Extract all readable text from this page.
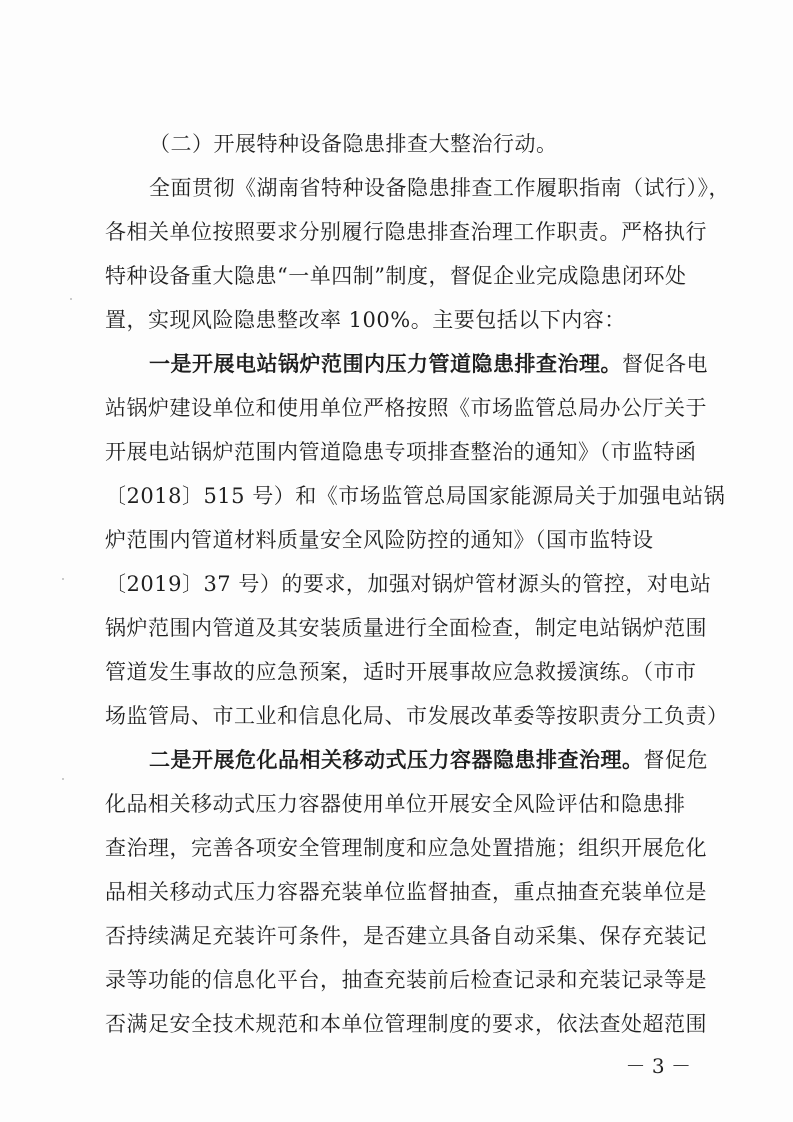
（二）开展特种设备隐患排查大整治行动。
全面贯彻《湖南省特种设备隐患排查工作履职指南（试行）》，
各相关单位按照要求分别履行隐患排查治理工作职责。严格执行
特种设备重大隐患“一单四制”制度，督促企业完成隐患闭环处
置，实现风险隐患整改率 100%。主要包括以下内容：
一是开展电站锅炉范围内压力管道隐患排查治理。督促各电
站锅炉建设单位和使用单位严格按照《市场监管总局办公厅关于
开展电站锅炉范围内管道隐患专项排查整治的通知》（市监特函
〔2018〕515 号）和《市场监管总局国家能源局关于加强电站锅
炉范围内管道材料质量安全风险防控的通知》（国市监特设
〔2019〕37 号）的要求，加强对锅炉管材源头的管控，对电站
锅炉范围内管道及其安装质量进行全面检查，制定电站锅炉范围
管道发生事故的应急预案，适时开展事故应急救援演练。（市市
场监管局、市工业和信息化局、市发展改革委等按职责分工负责）
二是开展危化品相关移动式压力容器隐患排查治理。督促危
化品相关移动式压力容器使用单位开展安全风险评估和隐患排
查治理，完善各项安全管理制度和应急处置措施；组织开展危化
品相关移动式压力容器充装单位监督抽查，重点抽查充装单位是
否持续满足充装许可条件，是否建立具备自动采集、保存充装记
录等功能的信息化平台，抽查充装前后检查记录和充装记录等是
否满足安全技术规范和本单位管理制度的要求，依法查处超范围
－ 3 －
